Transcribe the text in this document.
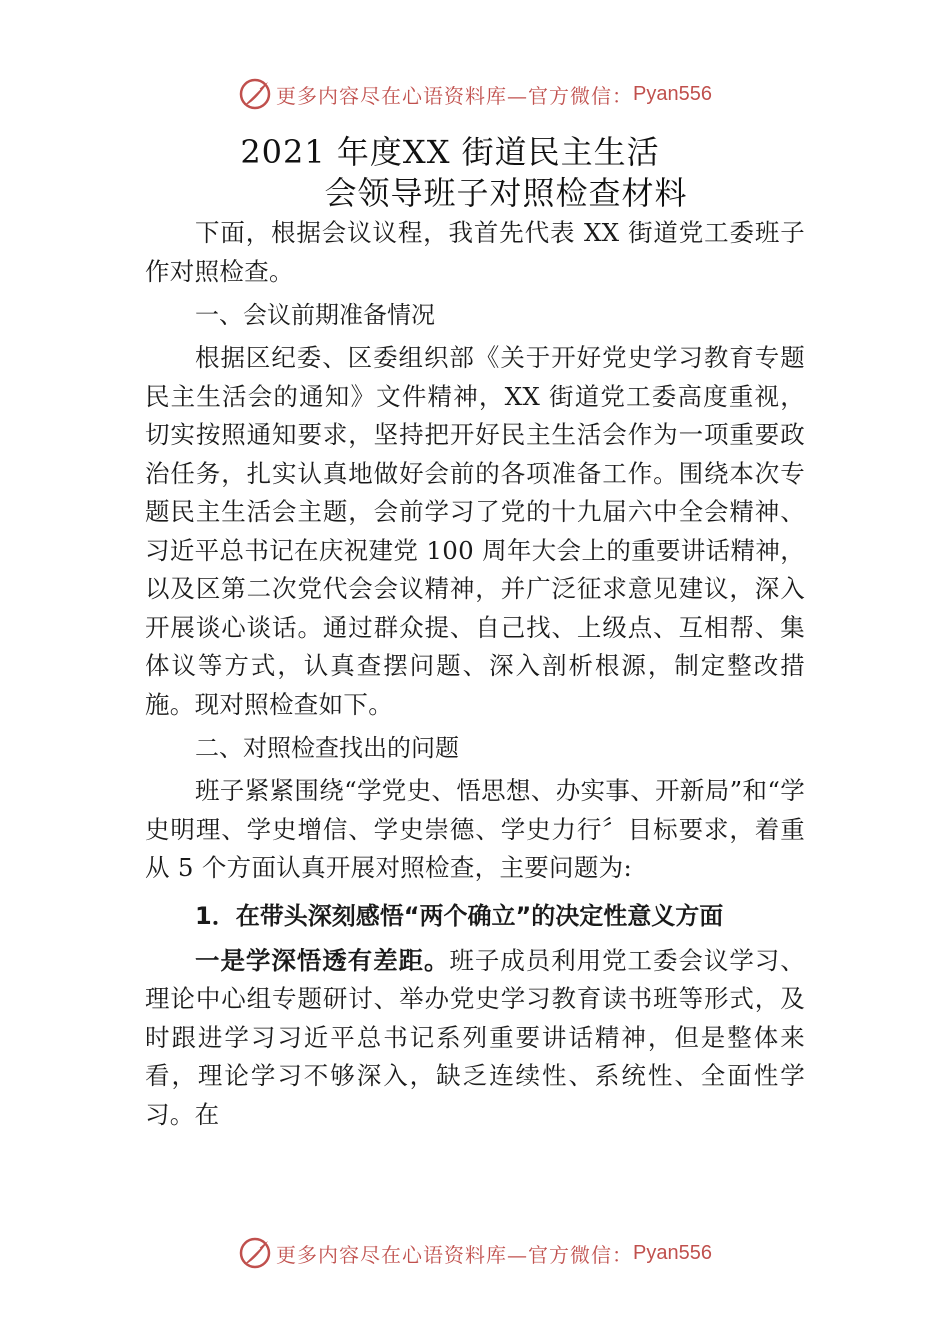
更多内容尽在心语资料库—官方微信： Pyan556
2021 年度XX 街道民主生活
会领导班子对照检查材料

下面，根据会议议程，我首先代表 XX 街道党工委班子作对照检查。

一、会议前期准备情况

根据区纪委、区委组织部《关于开好党史学习教育专题民主生活会的通知》文件精神，XX 街道党工委高度重视，切实按照通知要求，坚持把开好民主生活会作为一项重要政治任务，扎实认真地做好会前的各项准备工作。围绕本次专题民主生活会主题，会前学习了党的十九届六中全会精神、习近平总书记在庆祝建党 100 周年大会上的重要讲话精神，以及区第二次党代会会议精神，并广泛征求意见建议，深入开展谈心谈话。通过群众提、自己找、上级点、互相帮、集体议等方式，认真查摆问题、深入剖析根源，制定整改措施。现对照检查如下。

二、对照检查找出的问题

班子紧紧围绕“学党史、悟思想、办实事、开新局”和“学史明理、学史增信、学史崇德、学史力行〞目标要求，着重从 5 个方面认真开展对照检查，主要问题为:

1．在带头深刻感悟“两个确立”的决定性意义方面

一是学深悟透有差距。班子成员利用党工委会议学习、理论中心组专题研讨、举办党史学习教育读书班等形式，及时跟进学习习近平总书记系列重要讲话精神，但是整体来看，理论学习不够深入，缺乏连续性、系统性、全面性学习。在

更多内容尽在心语资料库—官方微信： Pyan556
